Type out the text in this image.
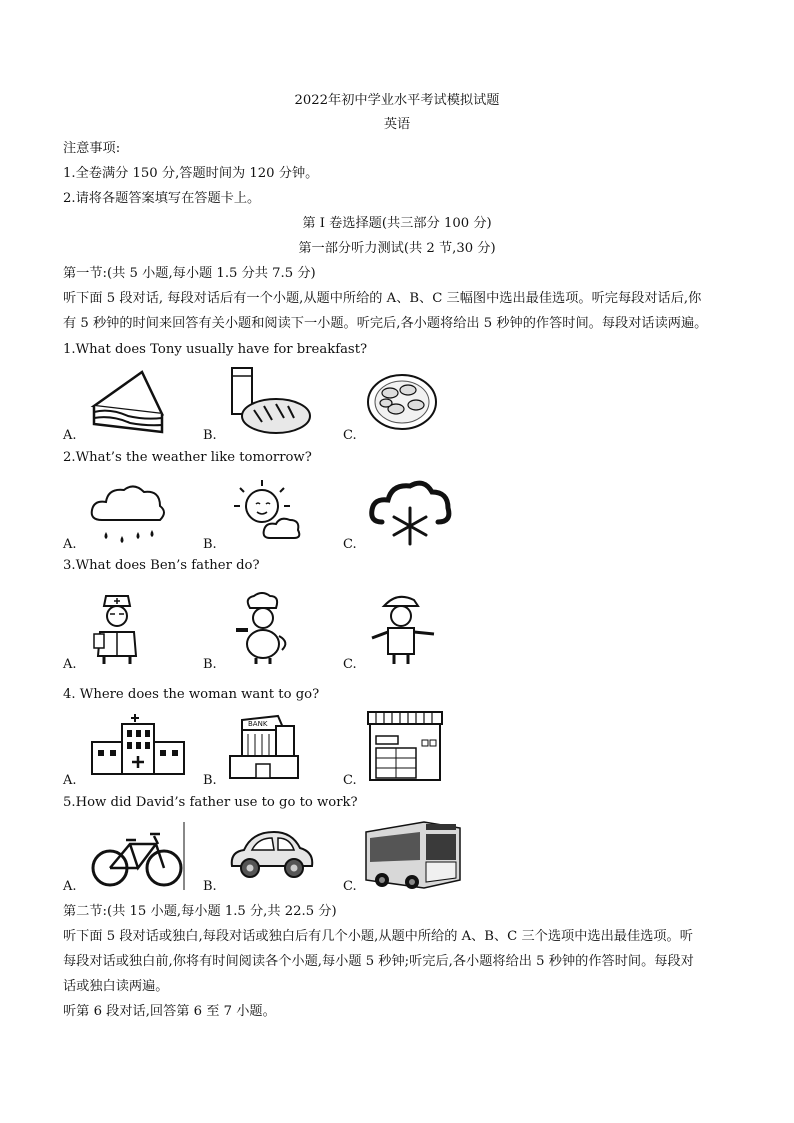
2022年初中学业水平考试模拟试题
英语
注意事项:
1.全卷满分 150 分,答题时间为 120 分钟。
2.请将各题答案填写在答题卡上。
第 I 卷选择题(共三部分 100 分)
第一部分听力测试(共 2 节,30 分)
第一节:(共 5 小题,每小题 1.5 分共 7.5 分)
听下面 5 段对话, 每段对话后有一个小题,从题中所给的 A、B、C 三幅图中选出最佳选项。听完每段对话后,你
有 5 秒钟的时间来回答有关小题和阅读下一小题。听完后,各小题将给出 5 秒钟的作答时间。每段对话读两遍。
1.What does Tony usually have for breakfast?
A.	B.	C.
2.What’s the weather like tomorrow?
A.	B.	C.
3.What does Ben’s father do?
A.	B.	C.
4. Where does the woman want to go?
BANK
A.	B.	C.
5.How did David’s father use to go to work?
A.	B.	C.
第二节:(共 15 小题,每小题 1.5 分,共 22.5 分)
听下面 5 段对话或独白,每段对话或独白后有几个小题,从题中所给的 A、B、C 三个选项中选出最佳选项。听
每段对话或独白前,你将有时间阅读各个小题,每小题 5 秒钟;听完后,各小题将给出 5 秒钟的作答时间。每段对
话或独白读两遍。
听第 6 段对话,回答第 6 至 7 小题。
